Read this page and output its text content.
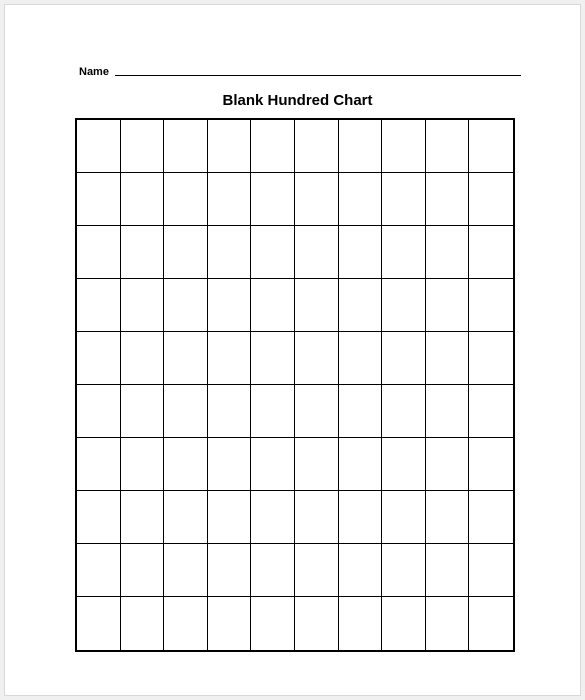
Name
Blank Hundred Chart
